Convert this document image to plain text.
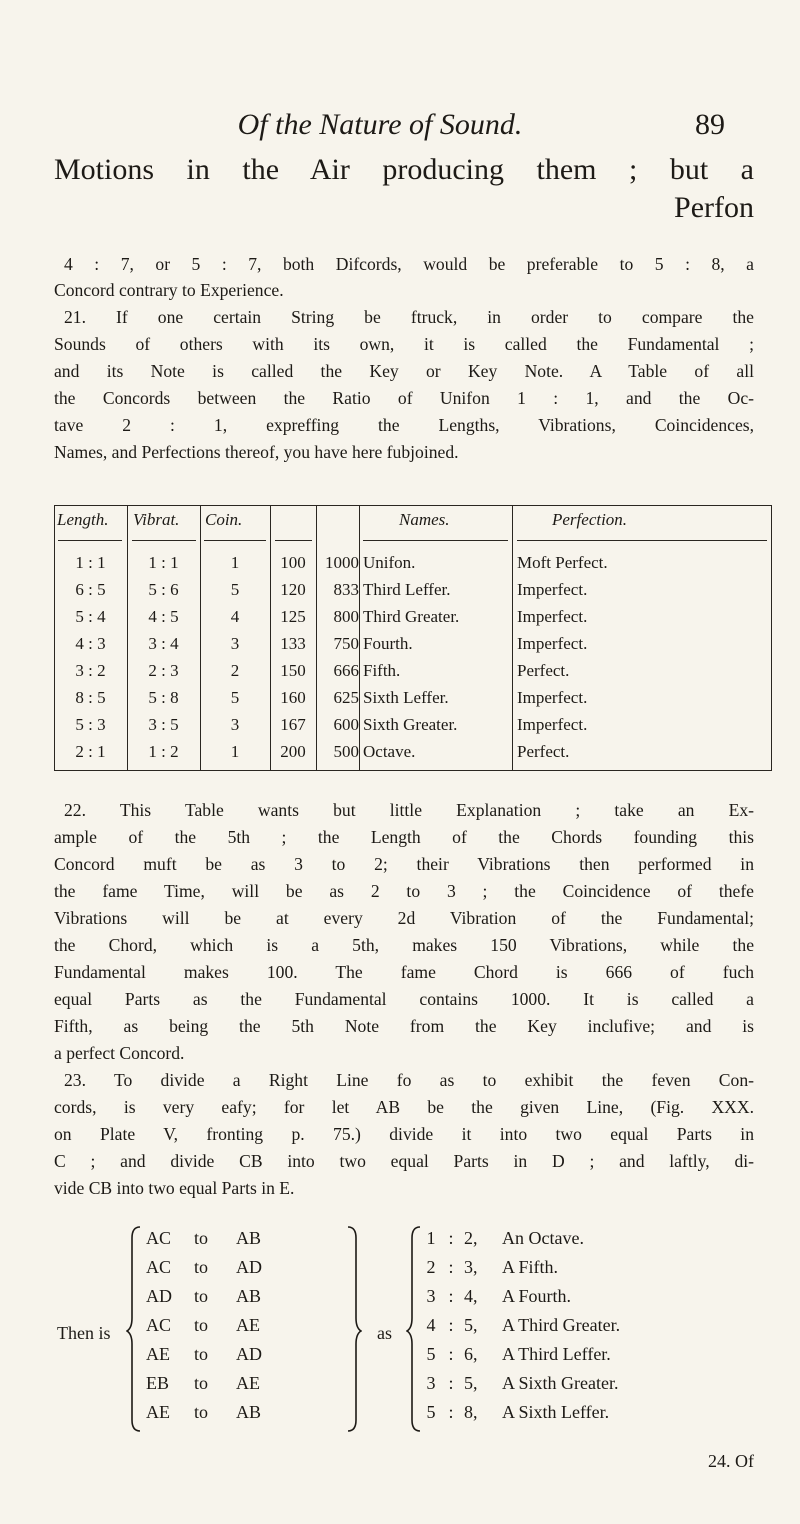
Of the Nature of Sound.	89
Motions in the Air producing them ; but a
Perfon
4 : 7, or 5 : 7, both Difcords, would be preferable to 5 : 8, a
Concord contrary to Experience.
21. If one certain String be ftruck, in order to compare the
Sounds of others with its own, it is called the Fundamental ;
and its Note is called the Key or Key Note. A Table of all
the Concords between the Ratio of Unifon 1 : 1, and the Oc-
tave 2 : 1, expreffing the Lengths, Vibrations, Coincidences,
Names, and Perfections thereof, you have here fubjoined.
Length. Vibrat. Coin.	Names.	Perfection.
1 : 1	1 : 1	1	100	1000 Unifon.	Moft Perfect.
6 : 5	5 : 6	5	120	833 Third Leffer.	Imperfect.
5 : 4	4 : 5	4	125	800 Third Greater.	Imperfect.
4 : 3	3 : 4	3	133	750 Fourth.	Imperfect.
3 : 2	2 : 3	2	150	666 Fifth.	Perfect.
8 : 5	5 : 8	5	160	625 Sixth Leffer.	Imperfect.
5 : 3	3 : 5	3	167	600 Sixth Greater.	Imperfect.
2 : 1	1 : 2	1	200	500 Octave.	Perfect.
22. This Table wants but little Explanation ; take an Ex-
ample of the 5th ; the Length of the Chords founding this
Concord muft be as 3 to 2; their Vibrations then performed in
the fame Time, will be as 2 to 3 ; the Coincidence of thefe
Vibrations will be at every 2d Vibration of the Fundamental;
the Chord, which is a 5th, makes 150 Vibrations, while the
Fundamental makes 100. The fame Chord is 666 of fuch
equal Parts as the Fundamental contains 1000. It is called a
Fifth, as being the 5th Note from the Key inclufive; and is
a perfect Concord.
23. To divide a Right Line fo as to exhibit the feven Con-
cords, is very eafy; for let AB be the given Line, (Fig. XXX.
on Plate V, fronting p. 75.) divide it into two equal Parts in
C ; and divide CB into two equal Parts in D ; and laftly, di-
vide CB into two equal Parts in E.
Then is	as
AC	to	AB	1 : 2,	An Octave.
AC	to	AD	2 : 3,	A Fifth.
AD	to	AB	3 : 4,	A Fourth.
AC	to	AE	4 : 5,	A Third Greater.
AE	to	AD	5 : 6,	A Third Leffer.
EB	to	AE	3 : 5,	A Sixth Greater.
AE	to	AB	5 : 8,	A Sixth Leffer.
24. Of
